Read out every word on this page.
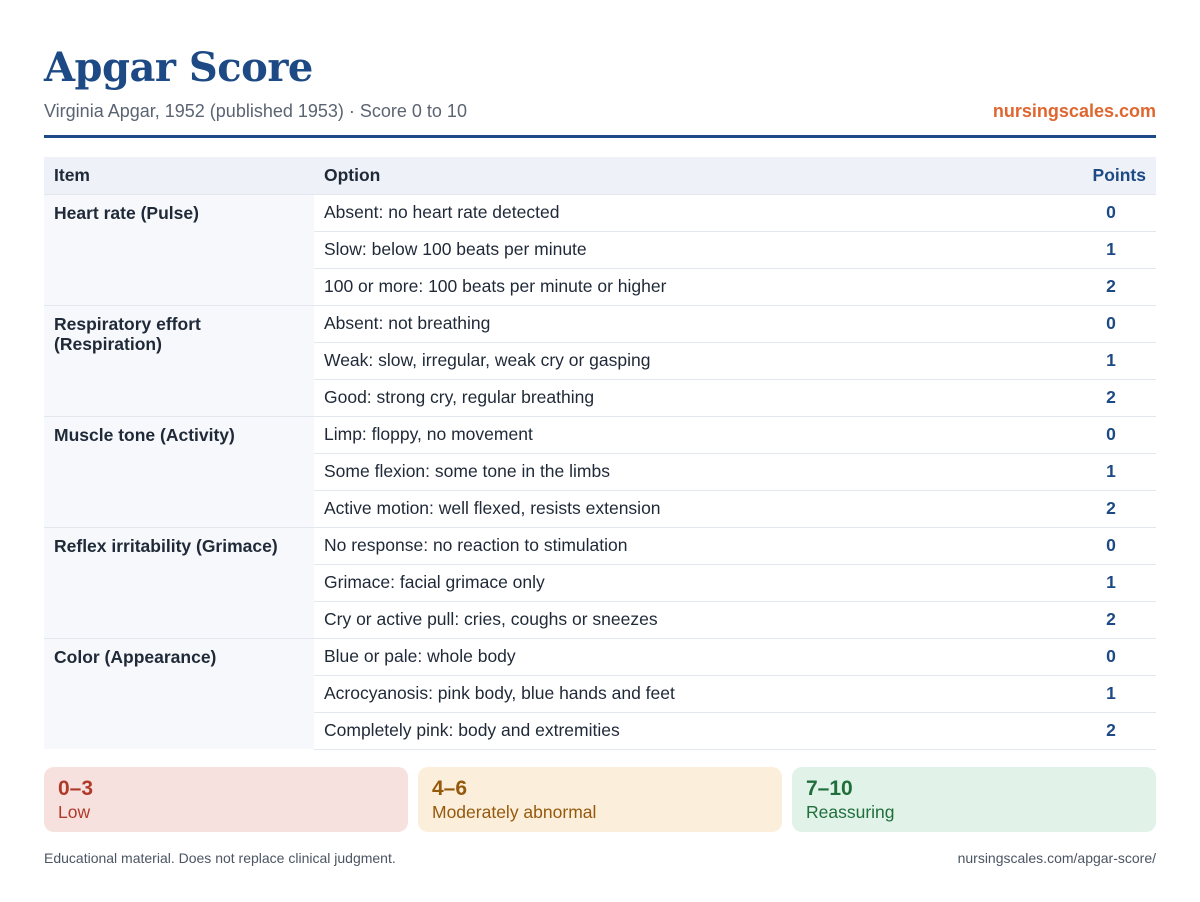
Apgar Score
Virginia Apgar, 1952 (published 1953) · Score 0 to 10	nursingscales.com
Item	Option	Points
Heart rate (Pulse)	Absent: no heart rate detected	0
	Slow: below 100 beats per minute	1
	100 or more: 100 beats per minute or higher	2
Respiratory effort (Respiration)	Absent: not breathing	0
	Weak: slow, irregular, weak cry or gasping	1
	Good: strong cry, regular breathing	2
Muscle tone (Activity)	Limp: floppy, no movement	0
	Some flexion: some tone in the limbs	1
	Active motion: well flexed, resists extension	2
Reflex irritability (Grimace)	No response: no reaction to stimulation	0
	Grimace: facial grimace only	1
	Cry or active pull: cries, coughs or sneezes	2
Color (Appearance)	Blue or pale: whole body	0
	Acrocyanosis: pink body, blue hands and feet	1
	Completely pink: body and extremities	2
0–3
Low
4–6
Moderately abnormal
7–10
Reassuring
Educational material. Does not replace clinical judgment.	nursingscales.com/apgar-score/
